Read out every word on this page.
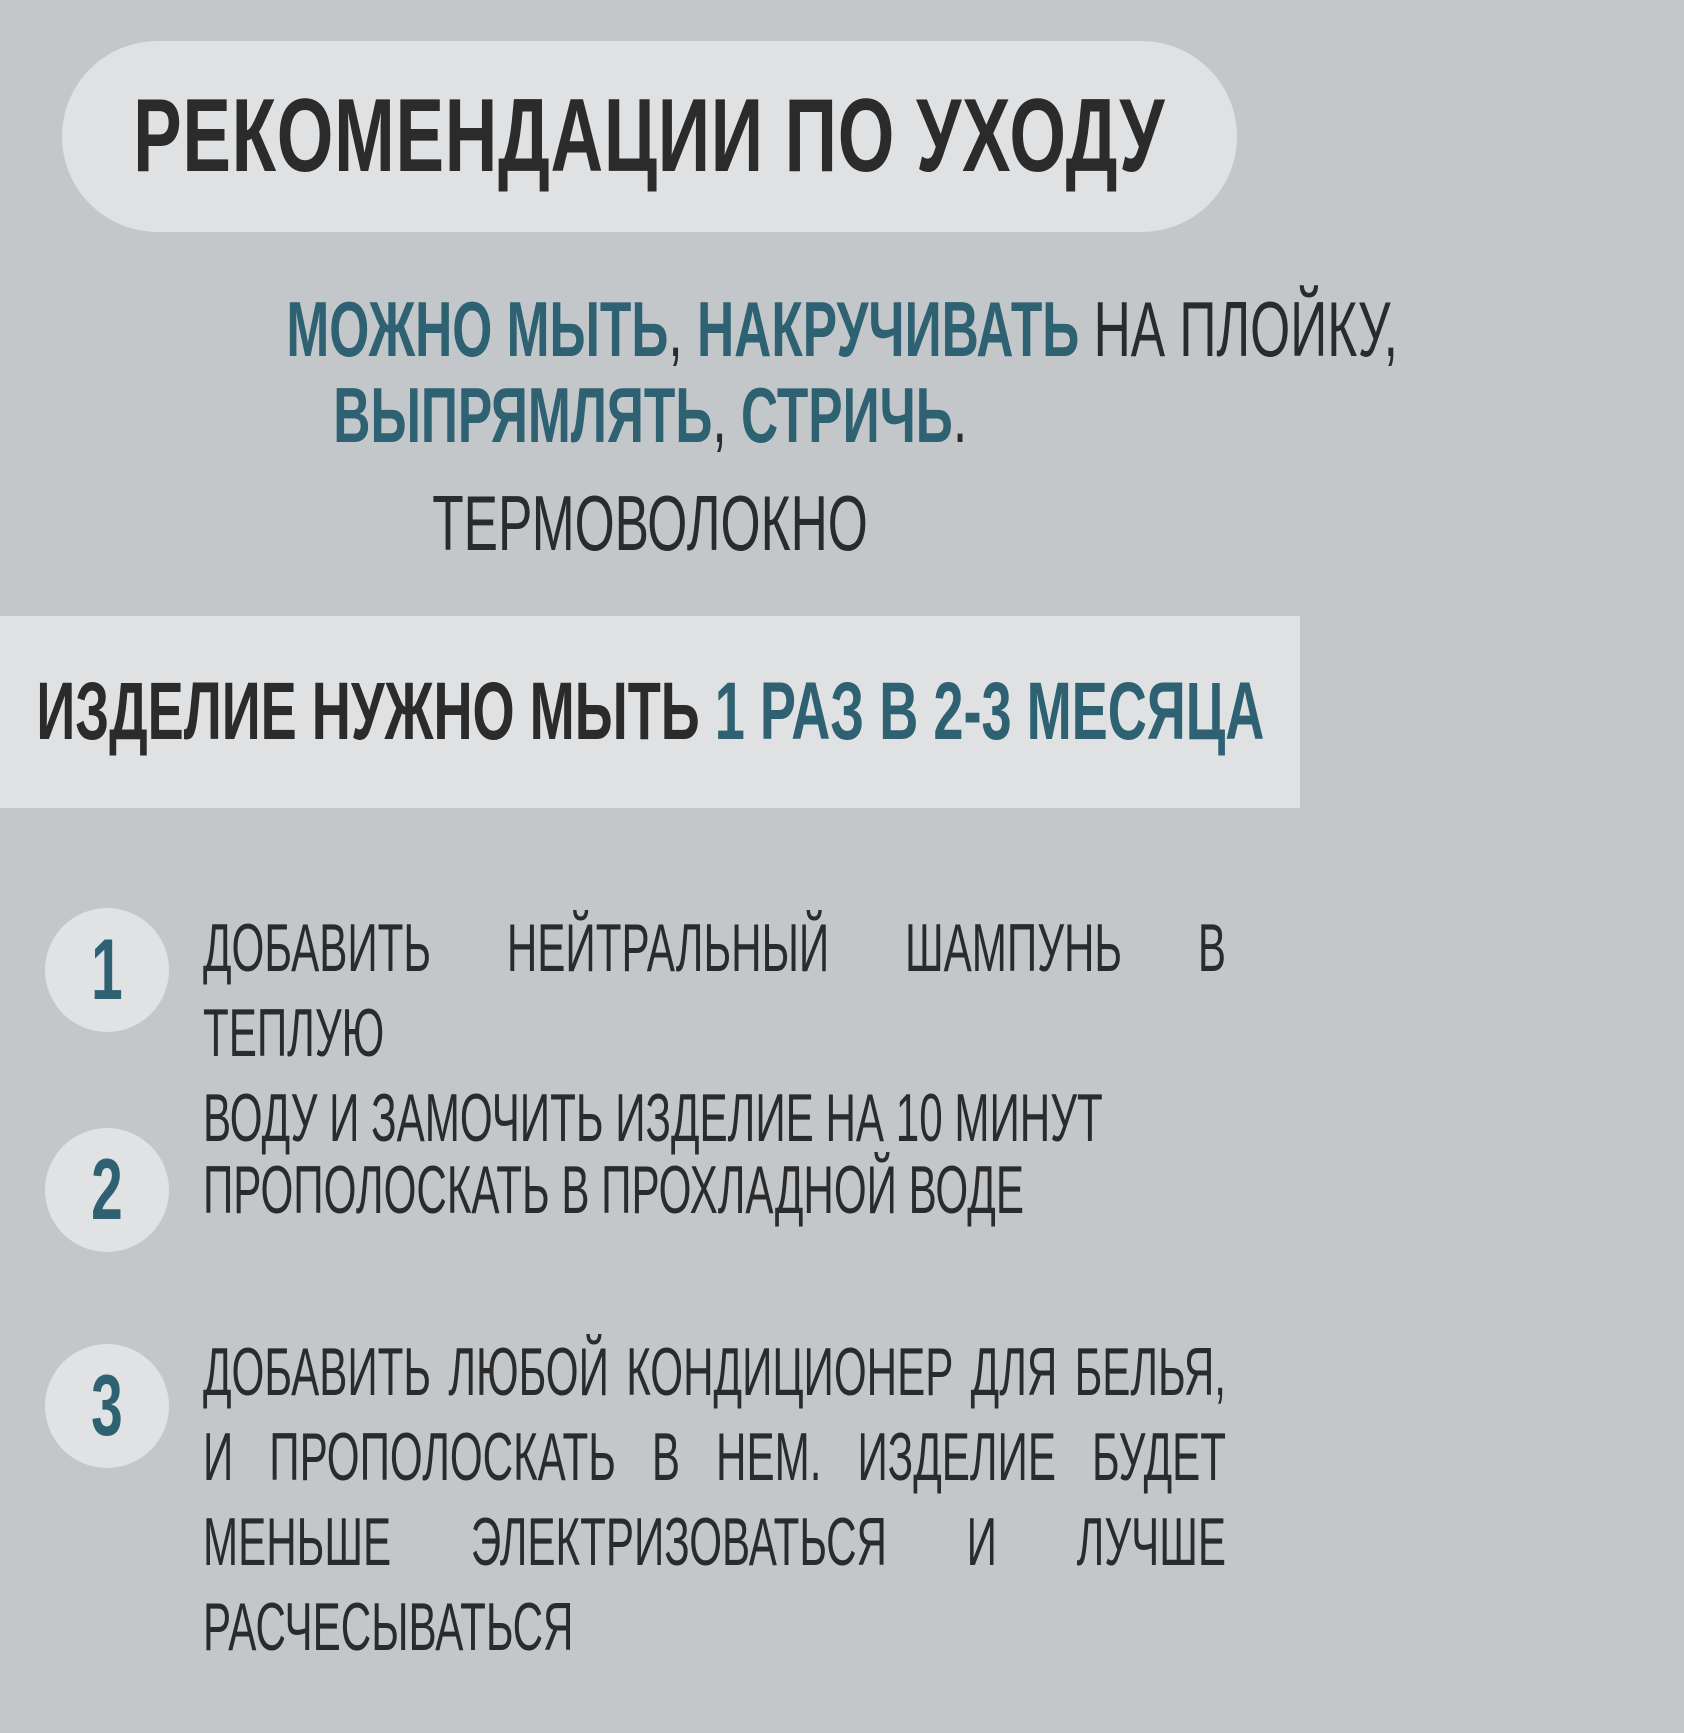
РЕКОМЕНДАЦИИ ПО УХОДУ
МОЖНО МЫТЬ, НАКРУЧИВАТЬ НА ПЛОЙКУ,
ВЫПРЯМЛЯТЬ, СТРИЧЬ.
ТЕРМОВОЛОКНО
ИЗДЕЛИЕ НУЖНО МЫТЬ 1 РАЗ В 2-3 МЕСЯЦА
1 ДОБАВИТЬ НЕЙТРАЛЬНЫЙ ШАМПУНЬ В ТЕПЛУЮ
ВОДУ И ЗАМОЧИТЬ ИЗДЕЛИЕ НА 10 МИНУТ
2 ПРОПОЛОСКАТЬ В ПРОХЛАДНОЙ ВОДЕ
3 ДОБАВИТЬ ЛЮБОЙ КОНДИЦИОНЕР ДЛЯ БЕЛЬЯ,
И ПРОПОЛОСКАТЬ В НЕМ. ИЗДЕЛИЕ БУДЕТ
МЕНЬШЕ ЭЛЕКТРИЗОВАТЬСЯ И ЛУЧШЕ
РАСЧЕСЫВАТЬСЯ
